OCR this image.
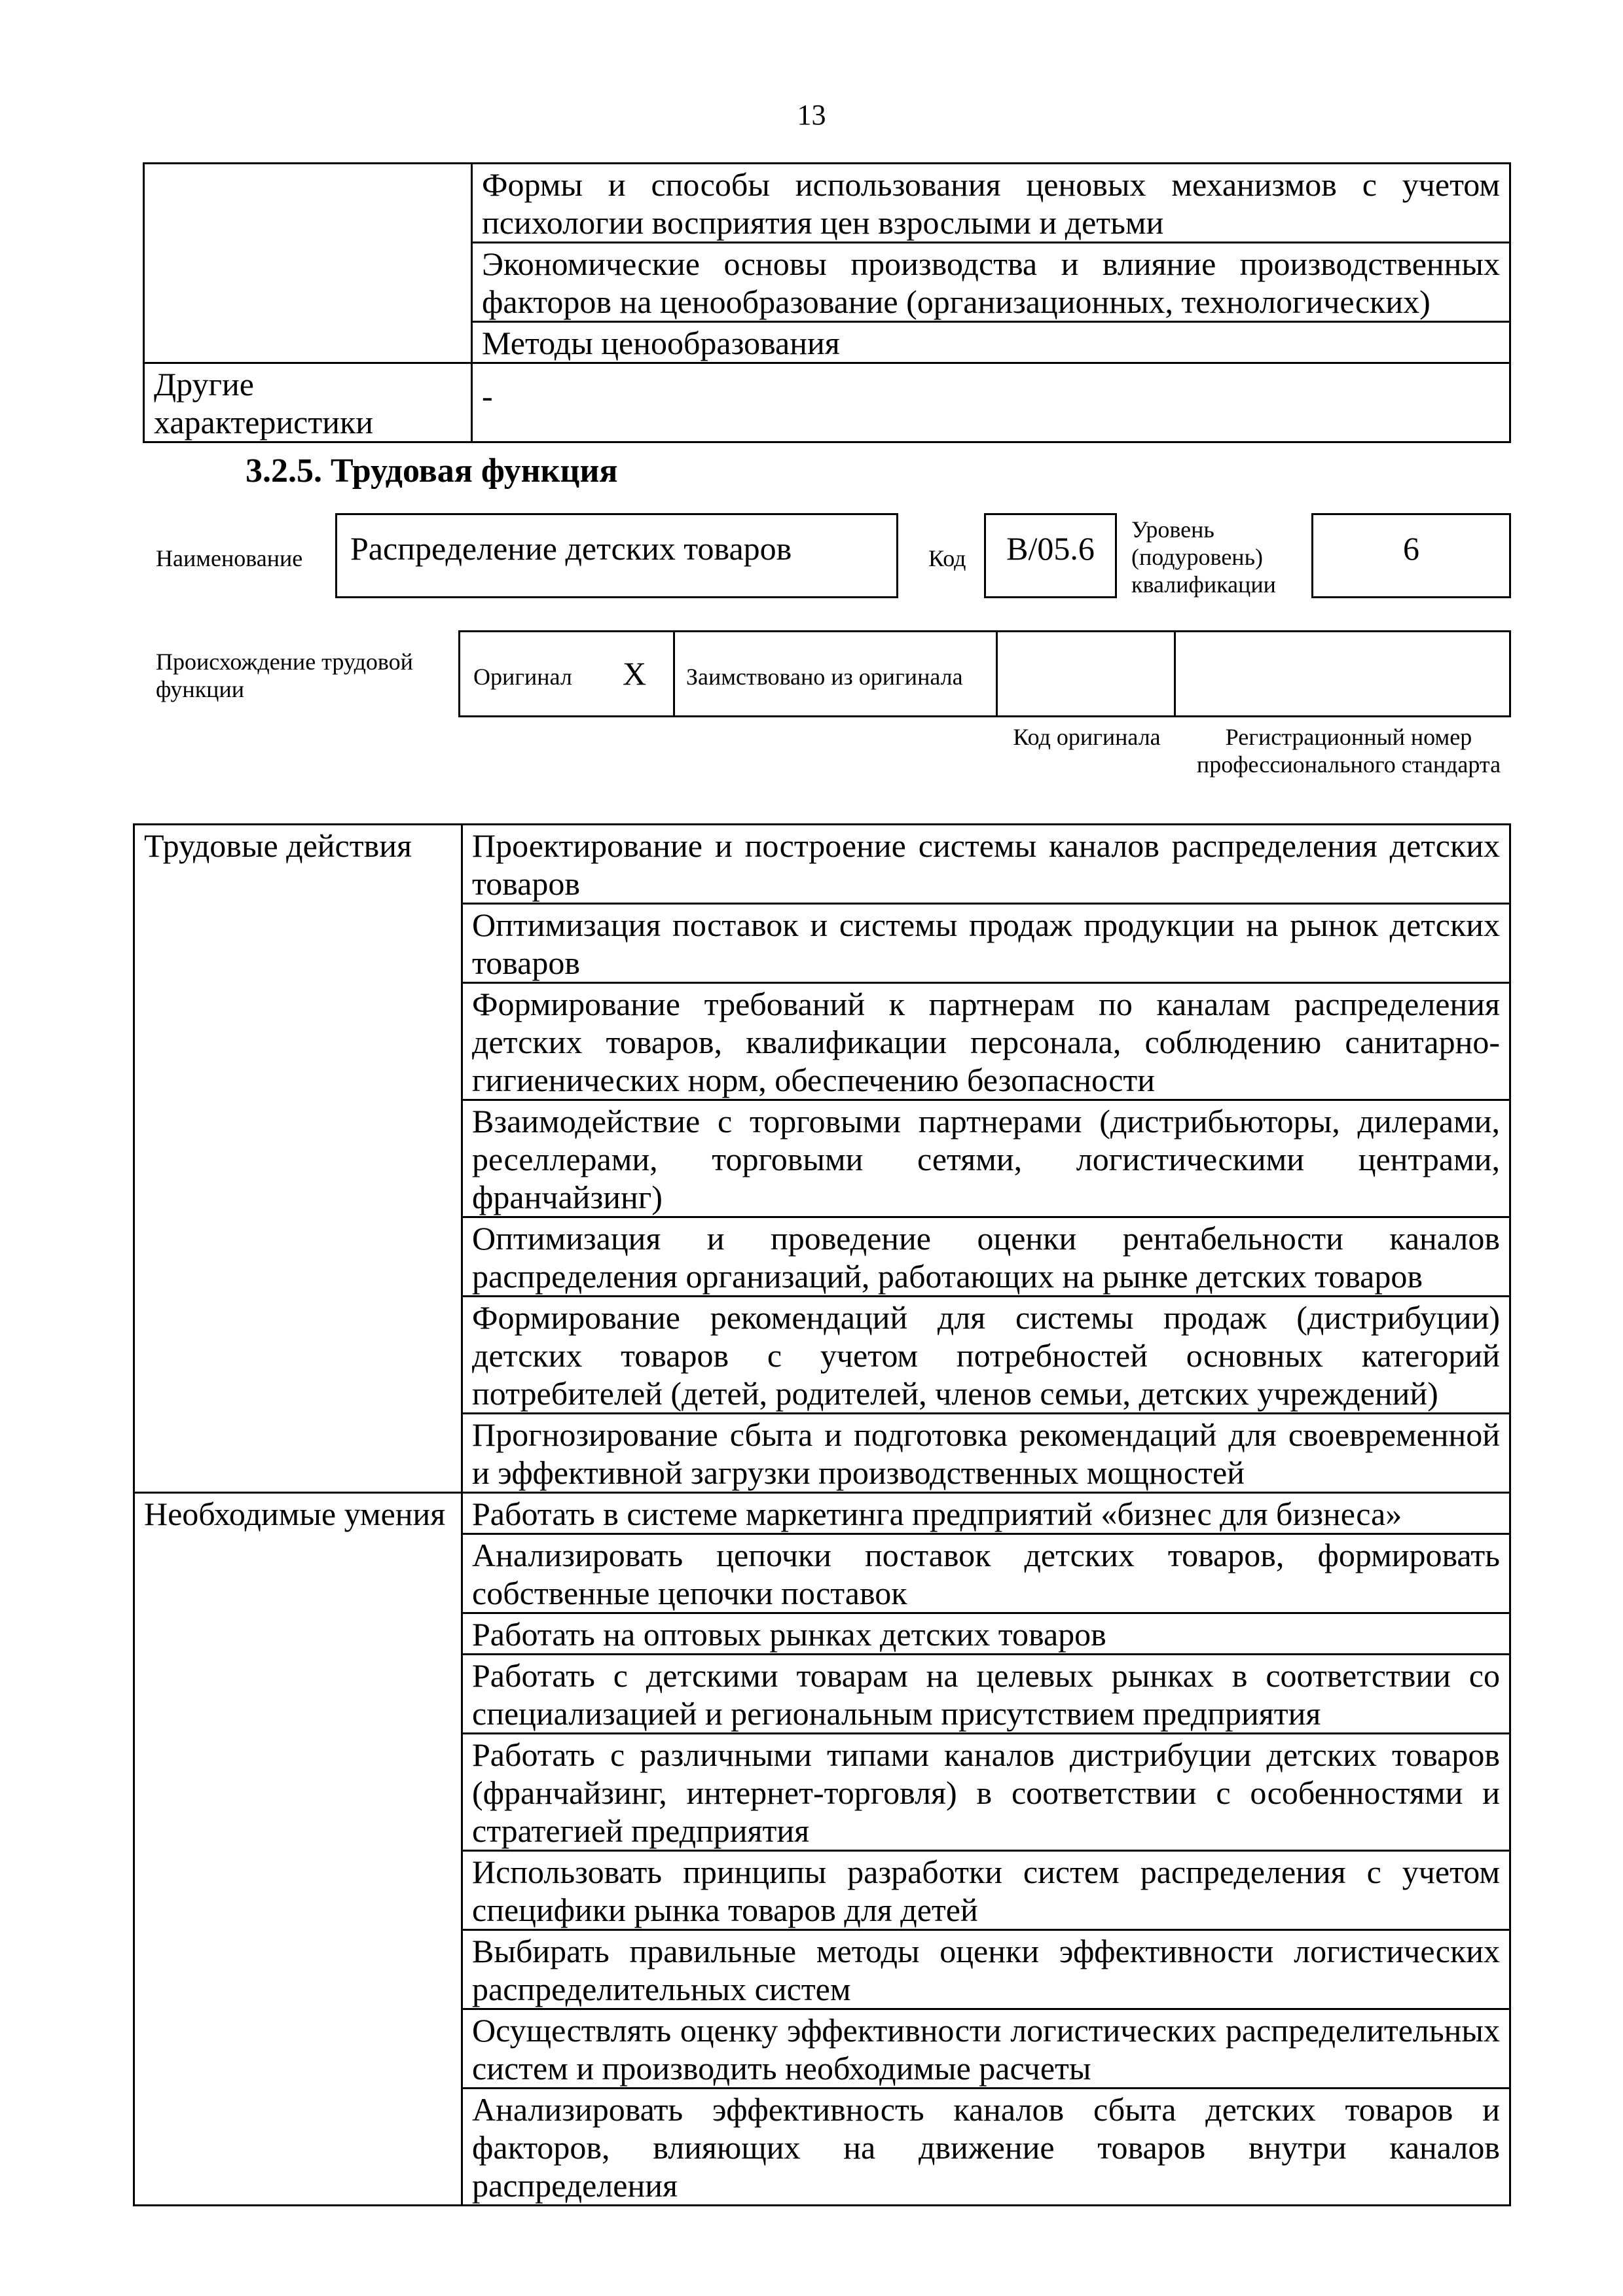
13
	Формы и способы использования ценовых механизмов с учетом психологии восприятия цен взрослыми и детьми
	Экономические основы производства и влияние производственных факторов на ценообразование (организационных, технологических)
	Методы ценообразования
Другие характеристики	-
3.2.5. Трудовая функция
Наименование	Распределение детских товаров	Код	B/05.6
Уровень (подуровень) квалификации
6
Происхождение трудовой функции	Оригинал X Заимствовано из оригинала
Код оригинала	Регистрационный номер профессионального стандарта
Трудовые действия	Проектирование и построение системы каналов распределения детских товаров
	Оптимизация поставок и системы продаж продукции на рынок детских товаров
	Формирование требований к партнерам по каналам распределения детских товаров, квалификации персонала, соблюдению санитарно-гигиенических норм, обеспечению безопасности
	Взаимодействие с торговыми партнерами (дистрибьюторы, дилерами, реселлерами, торговыми сетями, логистическими центрами, франчайзинг)
	Оптимизация и проведение оценки рентабельности каналов распределения организаций, работающих на рынке детских товаров
	Формирование рекомендаций для системы продаж (дистрибуции) детских товаров с учетом потребностей основных категорий потребителей (детей, родителей, членов семьи, детских учреждений)
	Прогнозирование сбыта и подготовка рекомендаций для своевременной и эффективной загрузки производственных мощностей
Необходимые умения	Работать в системе маркетинга предприятий «бизнес для бизнеса»
	Анализировать цепочки поставок детских товаров, формировать собственные цепочки поставок
	Работать на оптовых рынках детских товаров
	Работать с детскими товарам на целевых рынках в соответствии со специализацией и региональным присутствием предприятия
	Работать с различными типами каналов дистрибуции детских товаров (франчайзинг, интернет-торговля) в соответствии с особенностями и стратегией предприятия
	Использовать принципы разработки систем распределения с учетом специфики рынка товаров для детей
	Выбирать правильные методы оценки эффективности логистических распределительных систем
	Осуществлять оценку эффективности логистических распределительных систем и производить необходимые расчеты
	Анализировать эффективность каналов сбыта детских товаров и факторов, влияющих на движение товаров внутри каналов распределения
